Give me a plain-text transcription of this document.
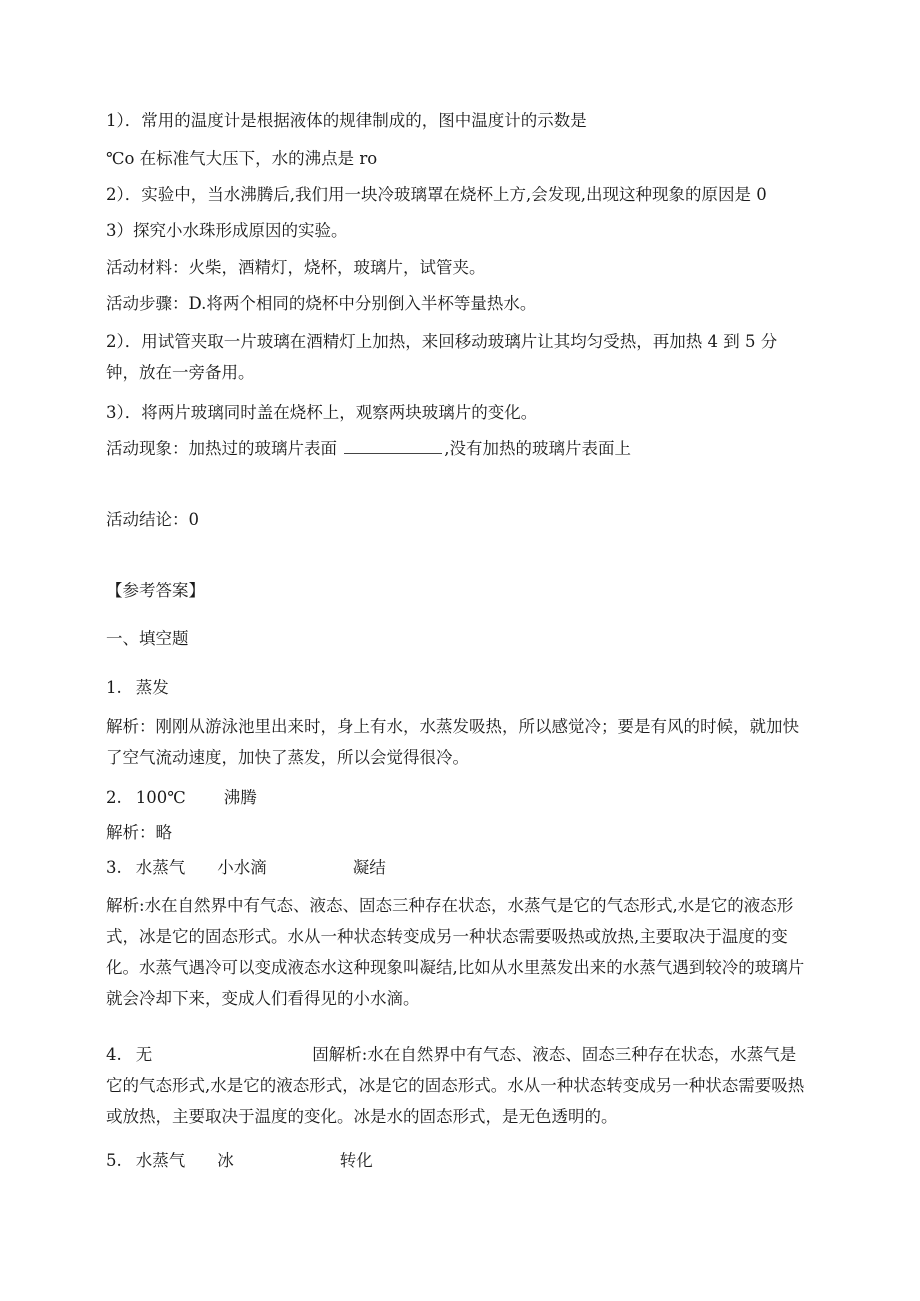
1）．常用的温度计是根据液体的规律制成的，图中温度计的示数是
℃o 在标准气大压下，水的沸点是 ro
2）．实验中，当水沸腾后,我们用一块冷玻璃罩在烧杯上方,会发现,出现这种现象的原因是 0
3）探究小水珠形成原因的实验。
活动材料：火柴，酒精灯，烧杯，玻璃片，试管夹。
活动步骤：D.将两个相同的烧杯中分别倒入半杯等量热水。
2）．用试管夹取一片玻璃在酒精灯上加热，来回移动玻璃片让其均匀受热，再加热 4 到 5 分钟，放在一旁备用。
3）．将两片玻璃同时盖在烧杯上，观察两块玻璃片的变化。
活动现象：加热过的玻璃片表面	,没有加热的玻璃片表面上
活动结论：0
【参考答案】
一、填空题
1. 蒸发
解析：刚刚从游泳池里出来时，身上有水，水蒸发吸热，所以感觉冷；要是有风的时候，就加快了空气流动速度，加快了蒸发，所以会觉得很冷。
2. 100℃ 沸腾
解析：略
3. 水蒸气 小水滴	凝结
解析:水在自然界中有气态、液态、固态三种存在状态，水蒸气是它的气态形式,水是它的液态形式，冰是它的固态形式。水从一种状态转变成另一种状态需要吸热或放热,主要取决于温度的变化。水蒸气遇冷可以变成液态水这种现象叫凝结,比如从水里蒸发出来的水蒸气遇到较冷的玻璃片就会冷却下来，变成人们看得见的小水滴。
4. 无	固解析:水在自然界中有气态、液态、固态三种存在状态，水蒸气是它的气态形式,水是它的液态形式，冰是它的固态形式。水从一种状态转变成另一种状态需要吸热或放热，主要取决于温度的变化。冰是水的固态形式，是无色透明的。
5. 水蒸气 冰	转化
